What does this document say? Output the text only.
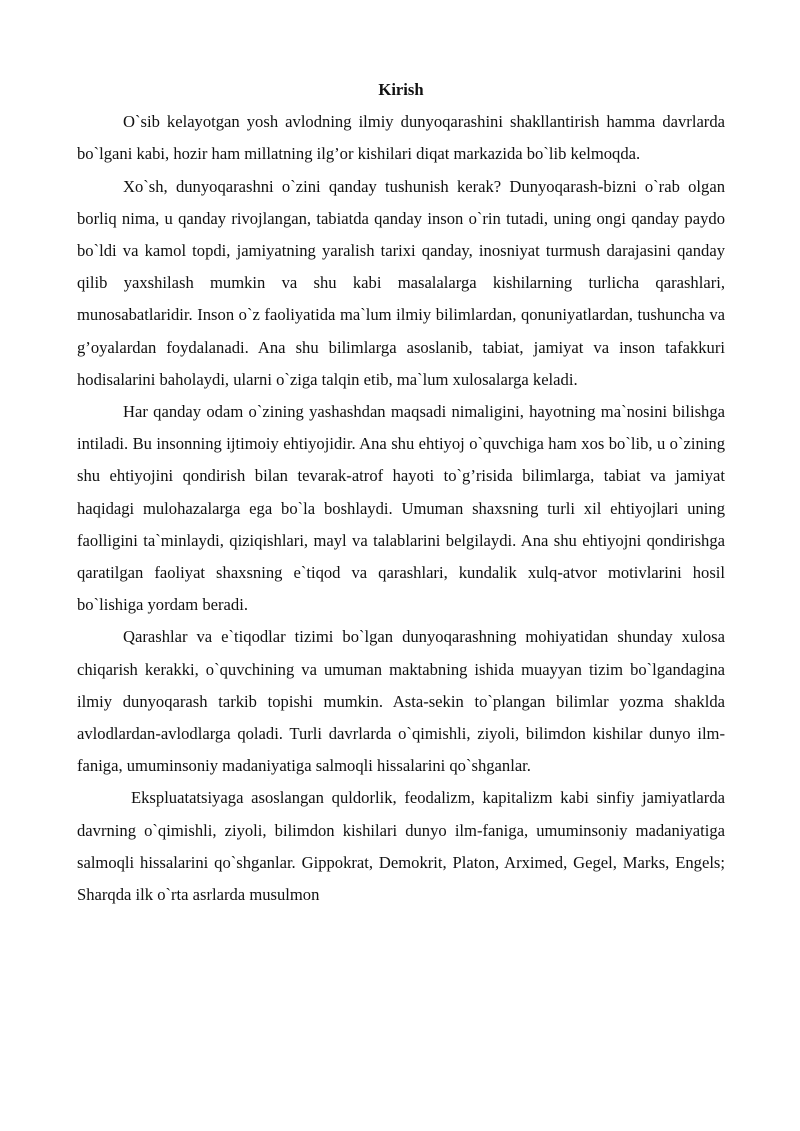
Kirish

O`sib kelayotgan yosh avlodning ilmiy dunyoqarashini shakllantirish hamma davrlarda bo`lgani kabi, hozir ham millatning ilg’or kishilari diqat markazida bo`lib kelmoqda.

Xo`sh, dunyoqarashni o`zini qanday tushunish kerak? Dunyoqarash-bizni o`rab olgan borliq nima, u qanday rivojlangan, tabiatda qanday inson o`rin tutadi, uning ongi qanday paydo bo`ldi va kamol topdi, jamiyatning yaralish tarixi qanday, inosniyat turmush darajasini qanday qilib yaxshilash mumkin va shu kabi masalalarga kishilarning turlicha qarashlari, munosabatlaridir. Inson o`z faoliyatida ma`lum ilmiy bilimlardan, qonuniyatlardan, tushuncha va g’oyalardan foydalanadi. Ana shu bilimlarga asoslanib, tabiat, jamiyat va inson tafakkuri hodisalarini baholaydi, ularni o`ziga talqin etib, ma`lum xulosalarga keladi.

Har qanday odam o`zining yashashdan maqsadi nimaligini, hayotning ma`nosini bilishga intiladi. Bu insonning ijtimoiy ehtiyojidir. Ana shu ehtiyoj o`quvchiga ham xos bo`lib, u o`zining shu ehtiyojini qondirish bilan tevarak-atrof hayoti to`g’risida bilimlarga, tabiat va jamiyat haqidagi mulohazalarga ega bo`la boshlaydi. Umuman shaxsning turli xil ehtiyojlari uning faolligini ta`minlaydi, qiziqishlari, mayl va talablarini belgilaydi. Ana shu ehtiyojni qondirishga qaratilgan faoliyat shaxsning e`tiqod va qarashlari, kundalik xulq-atvor motivlarini hosil bo`lishiga yordam beradi.

Qarashlar va e`tiqodlar tizimi bo`lgan dunyoqarashning mohiyatidan shunday xulosa chiqarish kerakki, o`quvchining va umuman maktabning ishida muayyan tizim bo`lgandagina ilmiy dunyoqarash tarkib topishi mumkin. Asta-sekin to`plangan bilimlar yozma shaklda avlodlardan-avlodlarga qoladi. Turli davrlarda o`qimishli, ziyoli, bilimdon kishilar dunyo ilm-faniga, umuminsoniy madaniyatiga salmoqli hissalarini qo`shganlar.

Ekspluatatsiyaga asoslangan quldorlik, feodalizm, kapitalizm kabi sinfiy jamiyatlarda davrning o`qimishli, ziyoli, bilimdon kishilari dunyo ilm-faniga, umuminsoniy madaniyatiga salmoqli hissalarini qo`shganlar. Gippokrat, Demokrit, Platon, Arximed, Gegel, Marks, Engels; Sharqda ilk o`rta asrlarda musulmon
